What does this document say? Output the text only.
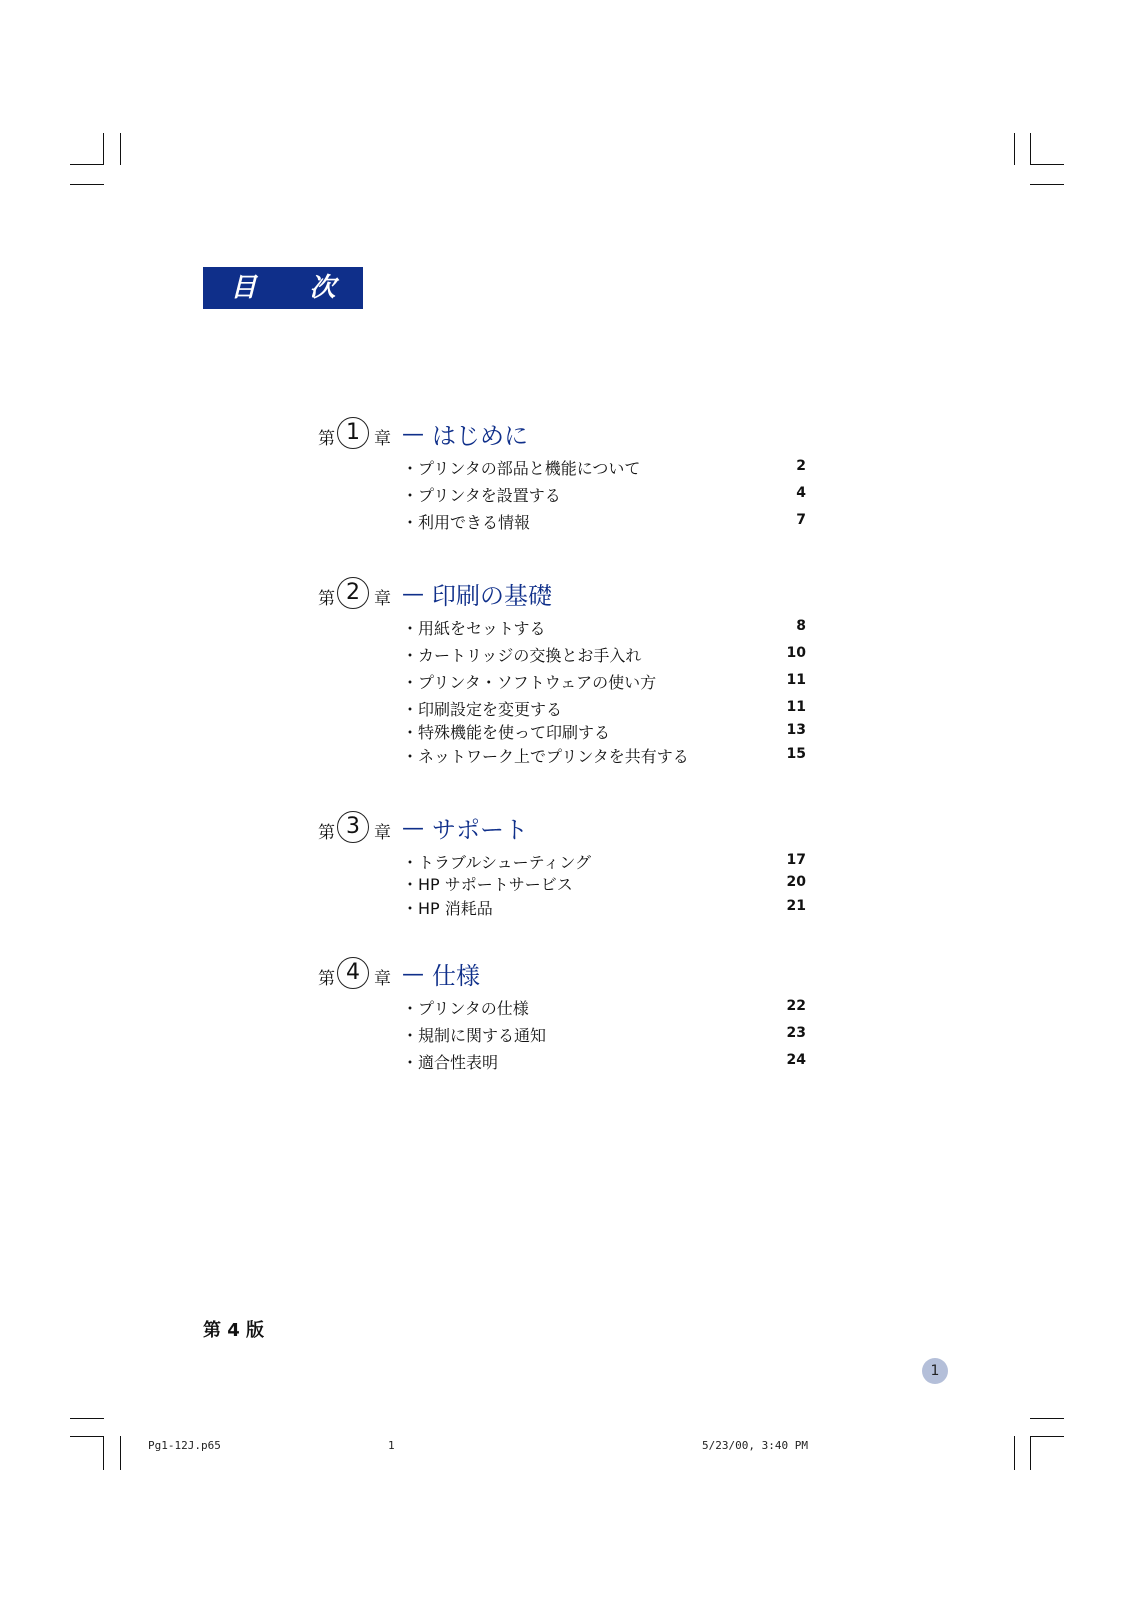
目 次
第 1 章 — はじめに
・プリンタの部品と機能について	2
・プリンタを設置する	4
・利用できる情報	7
第 2 章 — 印刷の基礎
・用紙をセットする	8
・カートリッジの交換とお手入れ	10
・プリンタ・ソフトウェアの使い方	11
・印刷設定を変更する	11
・特殊機能を使って印刷する	13
・ネットワーク上でプリンタを共有する	15
第 3 章 — サポート
・トラブルシューティング	17
・HP サポートサービス	20
・HP 消耗品	21
第 4 章 — 仕様
・プリンタの仕様	22
・規制に関する通知	23
・適合性表明	24
第 4 版
1
Pg1-12J.p65	1	5/23/00, 3:40 PM
